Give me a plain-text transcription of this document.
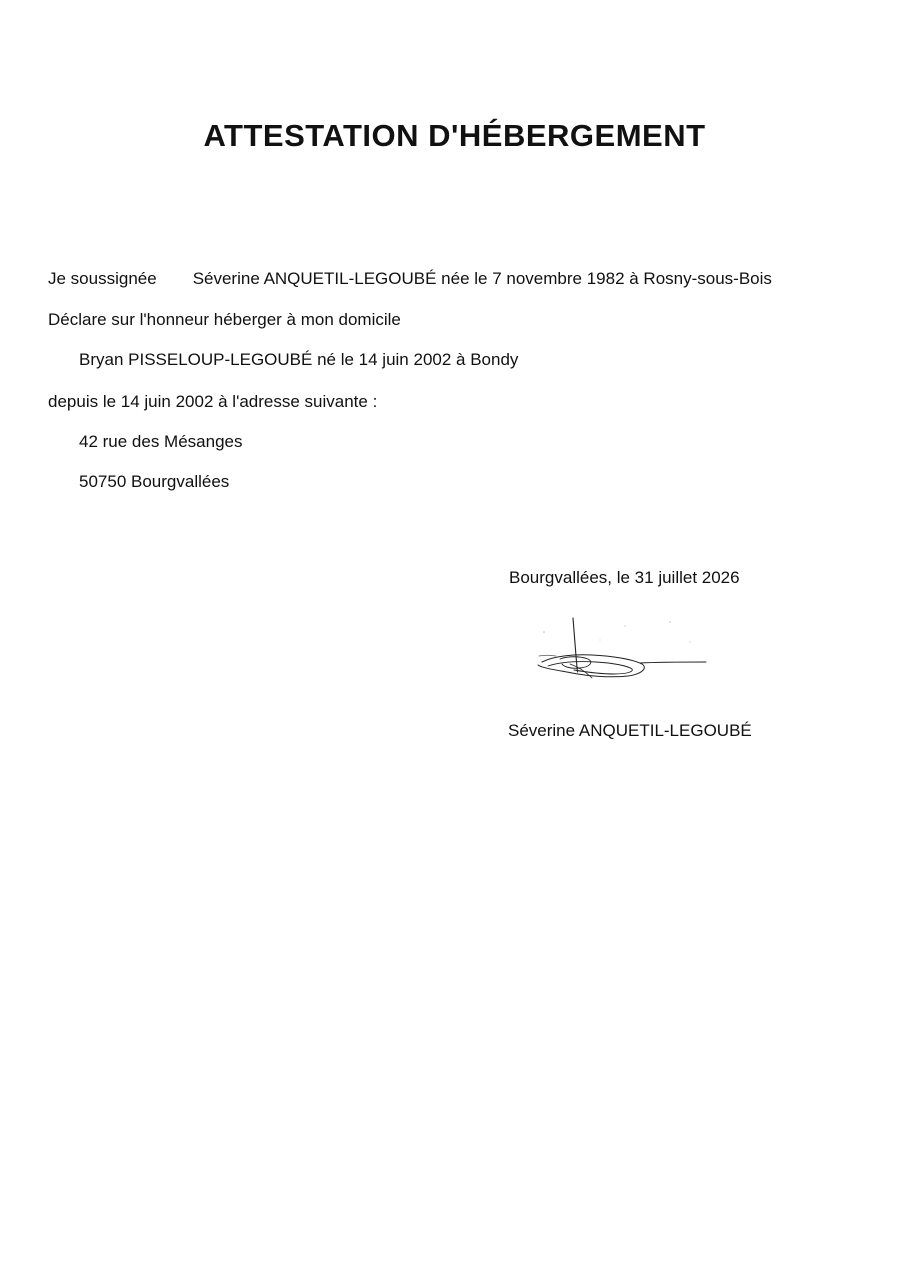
ATTESTATION D'HÉBERGEMENT
Je soussignée Séverine ANQUETIL-LEGOUBÉ née le 7 novembre 1982 à Rosny-sous-Bois
Déclare sur l'honneur héberger à mon domicile
Bryan PISSELOUP-LEGOUBÉ né le 14 juin 2002 à Bondy
depuis le 14 juin 2002 à l'adresse suivante :
42 rue des Mésanges
50750 Bourgvallées
Bourgvallées, le 31 juillet 2026
Séverine ANQUETIL-LEGOUBÉ
